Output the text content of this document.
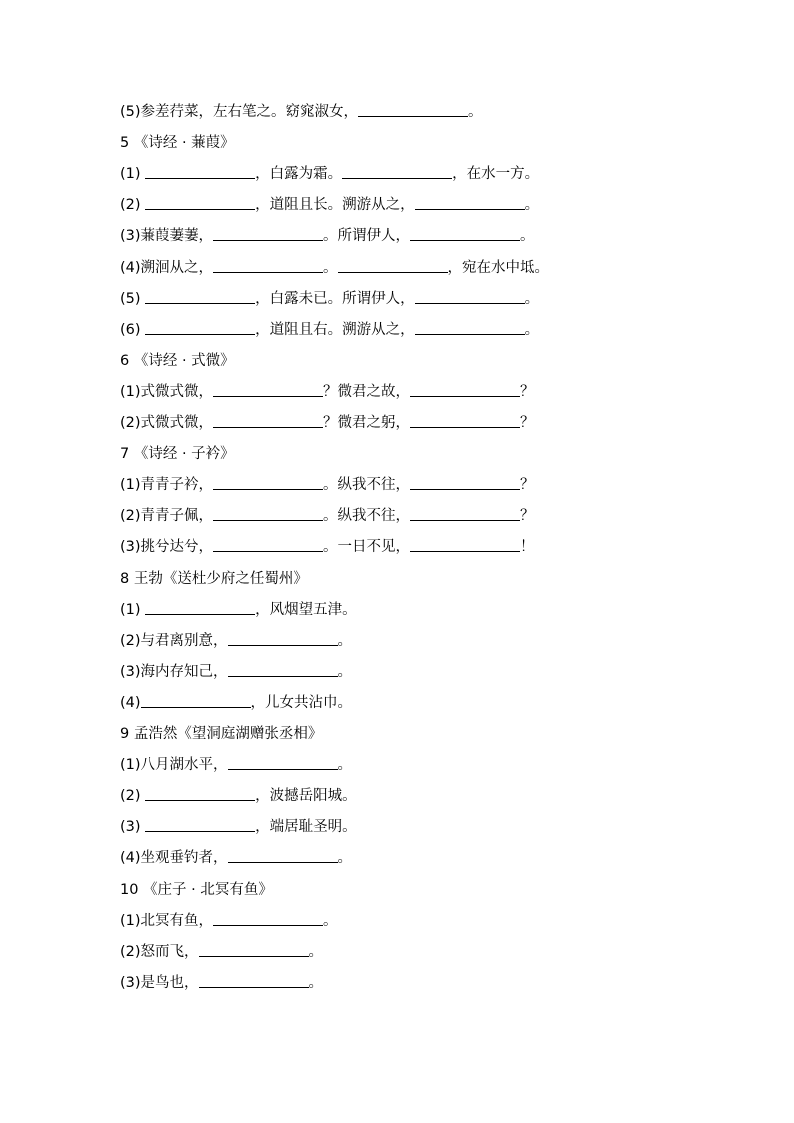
(5)参差荇菜，左右笔之。窈窕淑女，	。
5 《诗经 · 蒹葭》
(1)	，白露为霜。	，在水一方。
(2)	，道阻且长。溯游从之，	。
(3)蒹葭萋萋，	。所谓伊人，	。
(4)溯洄从之，	。	，宛在水中坻。
(5)	，白露未已。所谓伊人，	。
(6)	，道阻且右。溯游从之，	。
6 《诗经 · 式微》
(1)式微式微，	？微君之故，	？
(2)式微式微，	？微君之躬，	？
7 《诗经 · 子衿》
(1)青青子衿，	。纵我不往，	？
(2)青青子佩，	。纵我不往，	？
(3)挑兮达兮，	。一日不见，	！
8 王勃《送杜少府之任蜀州》
(1)	，风烟望五津。
(2)与君离别意，	。
(3)海内存知己，	。
(4)	，儿女共沾巾。
9 孟浩然《望洞庭湖赠张丞相》
(1)八月湖水平，	。
(2)	，波撼岳阳城。
(3)	，端居耻圣明。
(4)坐观垂钓者，	。
10 《庄子 · 北冥有鱼》
(1)北冥有鱼，	。
(2)怒而飞，	。
(3)是鸟也，	。
